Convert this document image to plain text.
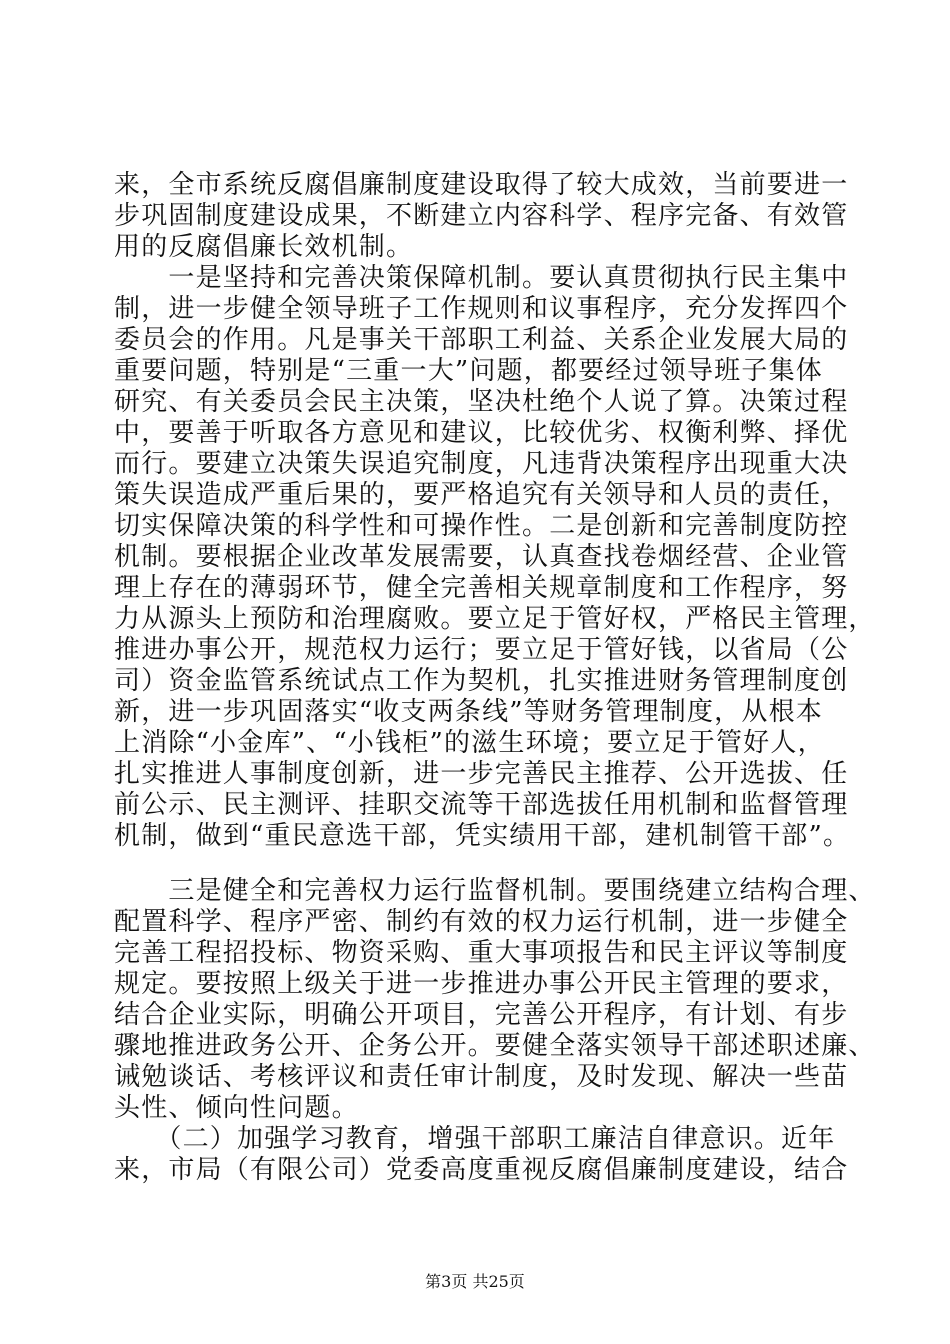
来，全市系统反腐倡廉制度建设取得了较大成效，当前要进一
步巩固制度建设成果，不断建立内容科学、程序完备、有效管
用的反腐倡廉长效机制。
　　一是坚持和完善决策保障机制。要认真贯彻执行民主集中
制，进一步健全领导班子工作规则和议事程序，充分发挥四个
委员会的作用。凡是事关干部职工利益、关系企业发展大局的
重要问题，特别是“三重一大”问题，都要经过领导班子集体
研究、有关委员会民主决策，坚决杜绝个人说了算。决策过程
中，要善于听取各方意见和建议，比较优劣、权衡利弊、择优
而行。要建立决策失误追究制度，凡违背决策程序出现重大决
策失误造成严重后果的，要严格追究有关领导和人员的责任，
切实保障决策的科学性和可操作性。二是创新和完善制度防控
机制。要根据企业改革发展需要，认真查找卷烟经营、企业管
理上存在的薄弱环节，健全完善相关规章制度和工作程序，努
力从源头上预防和治理腐败。要立足于管好权，严格民主管理，
推进办事公开，规范权力运行；要立足于管好钱，以省局（公
司）资金监管系统试点工作为契机，扎实推进财务管理制度创
新，进一步巩固落实“收支两条线”等财务管理制度，从根本
上消除“小金库”、“小钱柜”的滋生环境；要立足于管好人，
扎实推进人事制度创新，进一步完善民主推荐、公开选拔、任
前公示、民主测评、挂职交流等干部选拔任用机制和监督管理
机制，做到“重民意选干部，凭实绩用干部，建机制管干部”。
　　三是健全和完善权力运行监督机制。要围绕建立结构合理、
配置科学、程序严密、制约有效的权力运行机制，进一步健全
完善工程招投标、物资采购、重大事项报告和民主评议等制度
规定。要按照上级关于进一步推进办事公开民主管理的要求，
结合企业实际，明确公开项目，完善公开程序，有计划、有步
骤地推进政务公开、企务公开。要健全落实领导干部述职述廉、
诫勉谈话、考核评议和责任审计制度，及时发现、解决一些苗
头性、倾向性问题。
　　（二）加强学习教育，增强干部职工廉洁自律意识。近年
来，市局（有限公司）党委高度重视反腐倡廉制度建设，结合
第3页 共25页
